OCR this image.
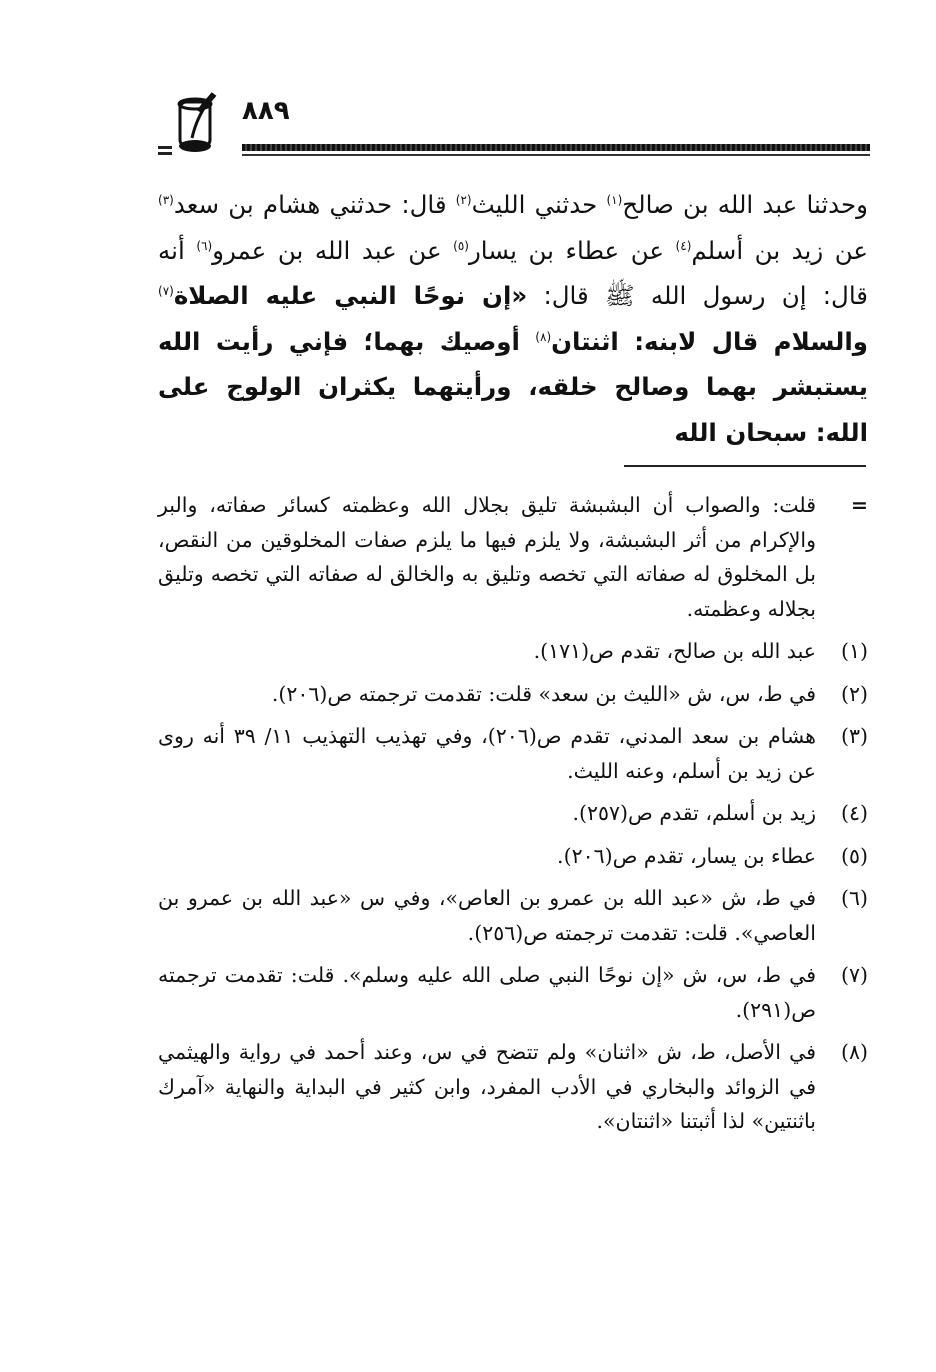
٨٨٩

وحدثنا عبد الله بن صالح$^{(١)}$ حدثني الليث$^{(٢)}$ قال: حدثني هشام بن سعد$^{(٣)}$ عن زيد بن أسلم$^{(٤)}$ عن عطاء بن يسار$^{(٥)}$ عن عبد الله بن عمرو$^{(٦)}$ أنه قال: إن رسول الله ﷺ قال: «إن نوحًا النبي عليه الصلاة$^{(٧)}$ والسلام قال لابنه: اثنتان$^{(٨)}$ أوصيك بهما؛ فإني رأيت الله يستبشر بهما وصالح خلقه، ورأيتهما يكثران الولوج على الله: سبحان الله

=
قلت: والصواب أن البشبشة تليق بجلال الله وعظمته كسائر صفاته، والبر والإكرام من أثر البشبشة، ولا يلزم فيها ما يلزم صفات المخلوقين من النقص، بل المخلوق له صفاته التي تخصه وتليق به والخالق له صفاته التي تخصه وتليق بجلاله وعظمته.
(١)
عبد الله بن صالح، تقدم ص(١٧١).
(٢)
في ط، س، ش «الليث بن سعد» قلت: تقدمت ترجمته ص(٢٠٦).
(٣)
هشام بن سعد المدني، تقدم ص(٢٠٦)، وفي تهذيب التهذيب ١١/ ٣٩ أنه روى عن زيد بن أسلم، وعنه الليث.
(٤)
زيد بن أسلم، تقدم ص(٢٥٧).
(٥)
عطاء بن يسار، تقدم ص(٢٠٦).
(٦)
في ط، ش «عبد الله بن عمرو بن العاص»، وفي س «عبد الله بن عمرو بن العاصي». قلت: تقدمت ترجمته ص(٢٥٦).
(٧)
في ط، س، ش «إن نوحًا النبي صلى الله عليه وسلم». قلت: تقدمت ترجمته ص(٢٩١).
(٨)
في الأصل، ط، ش «اثنان» ولم تتضح في س، وعند أحمد في رواية والهيثمي في الزوائد والبخاري في الأدب المفرد، وابن كثير في البداية والنهاية «آمرك باثنتين» لذا أثبتنا «اثنتان».
